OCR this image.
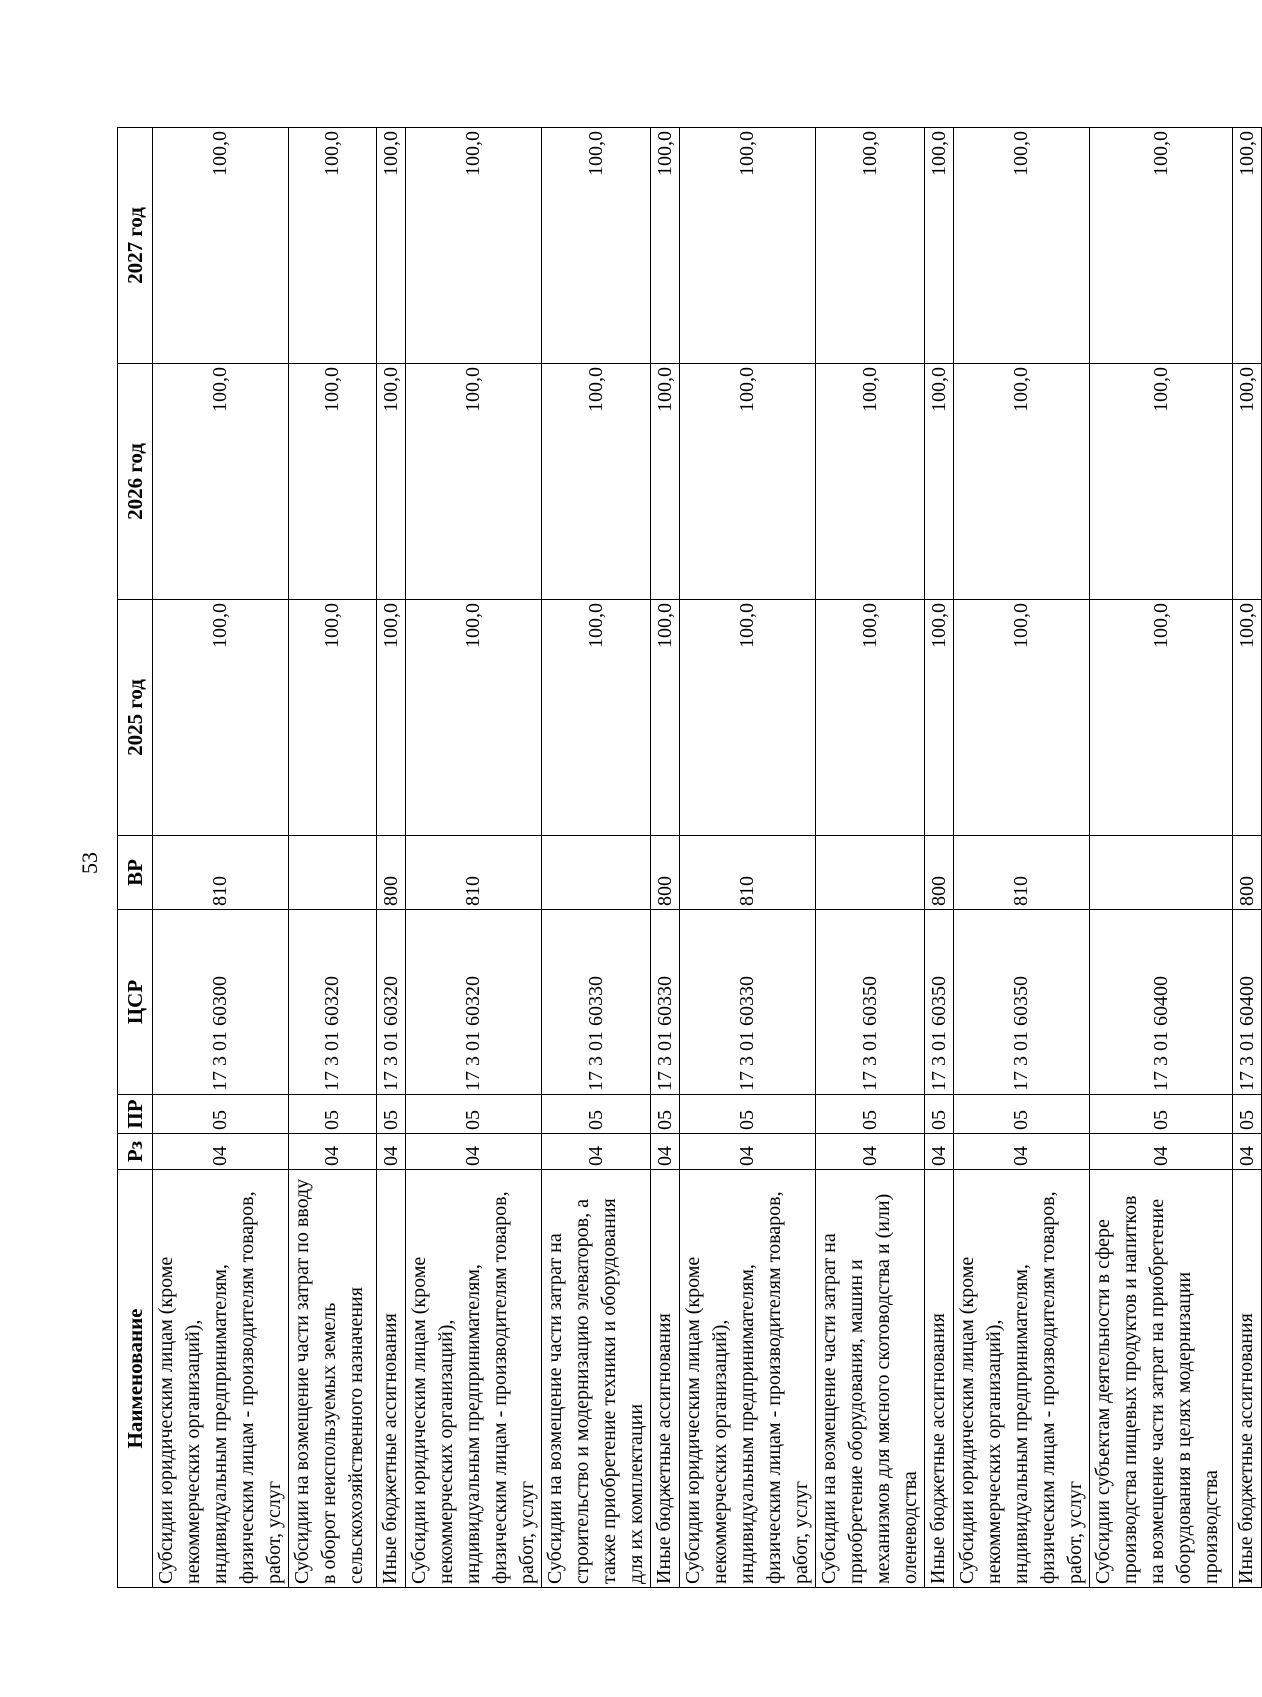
53
Наименование	Рз	ПР	ЦСР	ВР	2025 год	2026 год	2027 год
Субсидии юридическим лицам (кроме некоммерческих организаций), индивидуальным предпринимателям, физическим лицам - производителям товаров, работ, услуг	04	05	17 3 01 60300	810	100,0	100,0	100,0
Субсидии на возмещение части затрат по вводу в оборот неиспользуемых земель сельскохозяйственного назначения	04	05	17 3 01 60320		100,0	100,0	100,0
Иные бюджетные ассигнования	04	05	17 3 01 60320	800	100,0	100,0	100,0
Субсидии юридическим лицам (кроме некоммерческих организаций), индивидуальным предпринимателям, физическим лицам - производителям товаров, работ, услуг	04	05	17 3 01 60320	810	100,0	100,0	100,0
Субсидии на возмещение части затрат на строительство и модернизацию элеваторов, а также приобретение техники и оборудования для их комплектации	04	05	17 3 01 60330		100,0	100,0	100,0
Иные бюджетные ассигнования	04	05	17 3 01 60330	800	100,0	100,0	100,0
Субсидии юридическим лицам (кроме некоммерческих организаций), индивидуальным предпринимателям, физическим лицам - производителям товаров, работ, услуг	04	05	17 3 01 60330	810	100,0	100,0	100,0
Субсидии на возмещение части затрат на приобретение оборудования, машин и механизмов для мясного скотоводства и (или) оленеводства	04	05	17 3 01 60350		100,0	100,0	100,0
Иные бюджетные ассигнования	04	05	17 3 01 60350	800	100,0	100,0	100,0
Субсидии юридическим лицам (кроме некоммерческих организаций), индивидуальным предпринимателям, физическим лицам - производителям товаров, работ, услуг	04	05	17 3 01 60350	810	100,0	100,0	100,0
Субсидии субъектам деятельности в сфере производства пищевых продуктов и напитков на возмещение части затрат на приобретение оборудования в целях модернизации производства	04	05	17 3 01 60400		100,0	100,0	100,0
Иные бюджетные ассигнования	04	05	17 3 01 60400	800	100,0	100,0	100,0
